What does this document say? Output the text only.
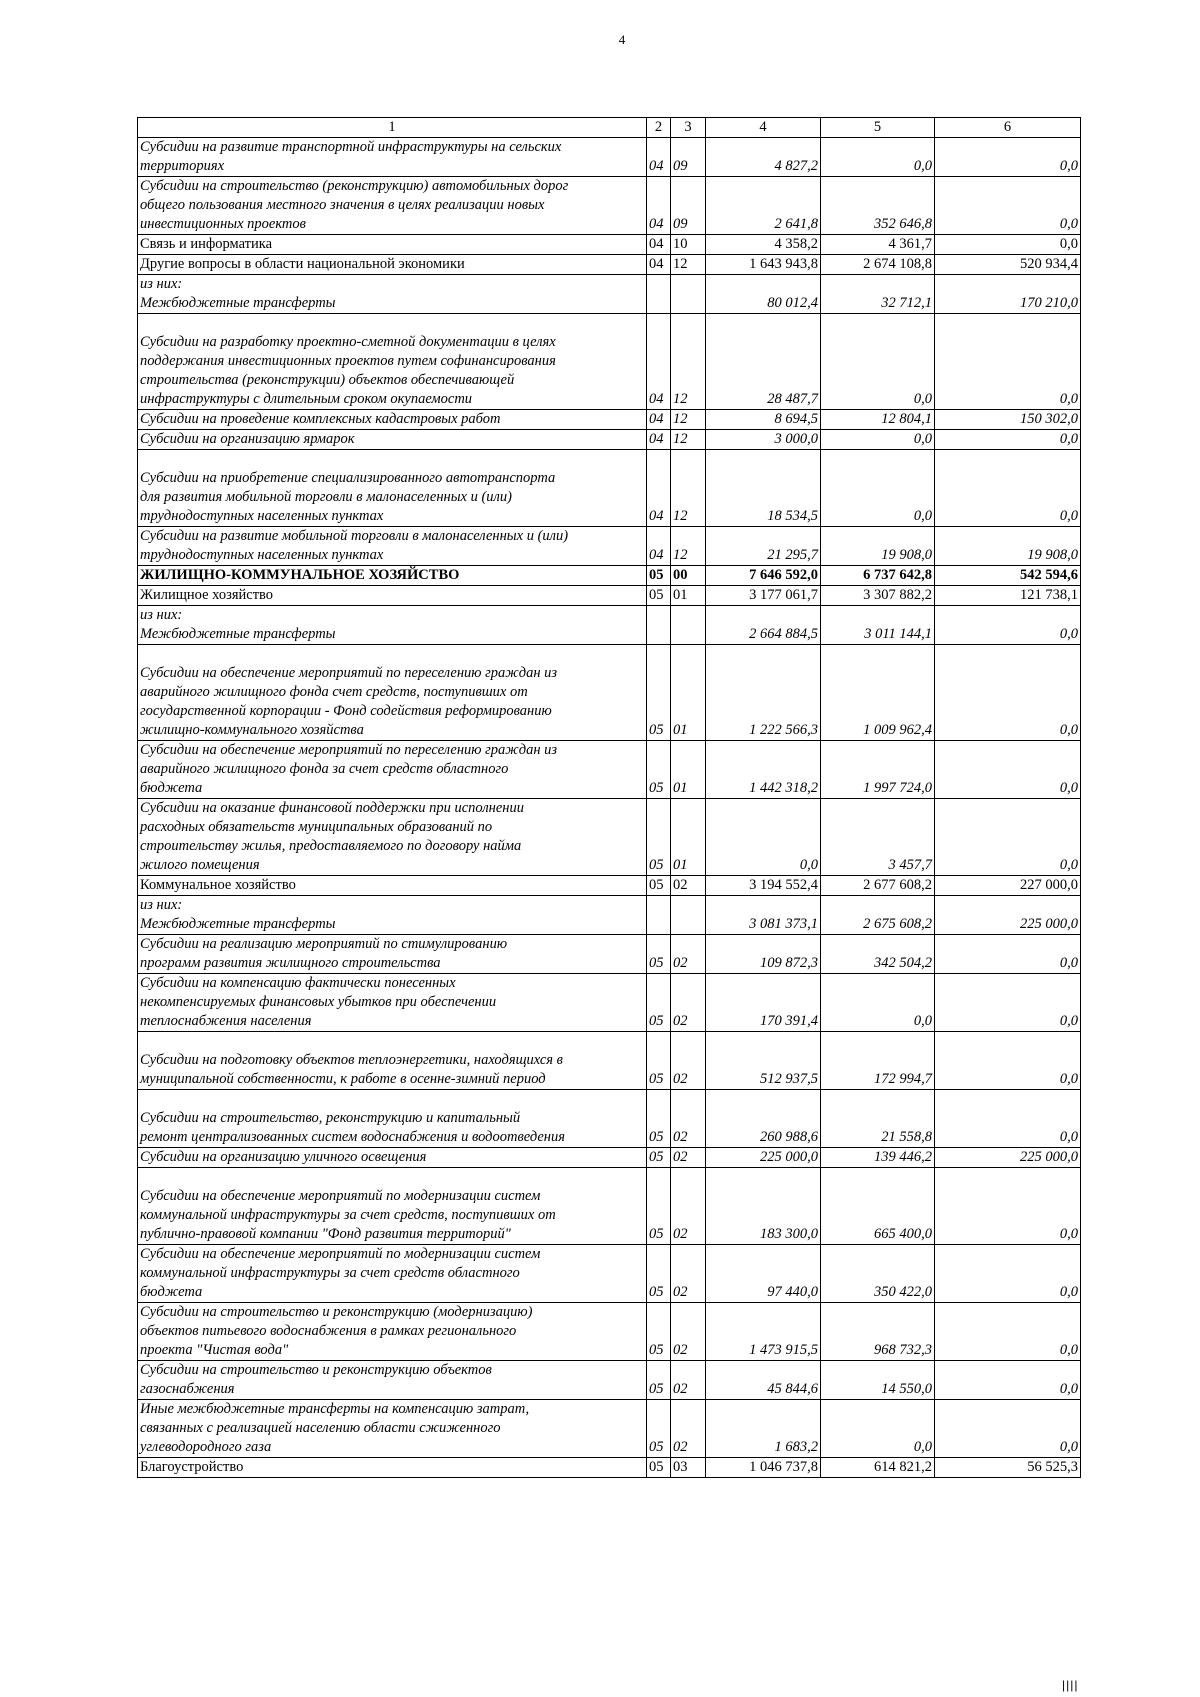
4
1	2	3	4	5	6
Субсидии на развитие транспортной инфраструктуры на сельских
территориях	04	09	4 827,2	0,0	0,0
Субсидии на строительство (реконструкцию) автомобильных дорог
общего пользования местного значения в целях реализации новых
инвестиционных проектов	04	09	2 641,8	352 646,8	0,0
Связь и информатика	04	10	4 358,2	4 361,7	0,0
Другие вопросы в области национальной экономики	04	12	1 643 943,8	2 674 108,8	520 934,4
из них:
Межбюджетные трансферты			80 012,4	32 712,1	170 210,0

Субсидии на разработку проектно-сметной документации в целях
поддержания инвестиционных проектов путем софинансирования
строительства (реконструкции) объектов обеспечивающей
инфраструктуры с длительным сроком окупаемости	04	12	28 487,7	0,0	0,0
Субсидии на проведение комплексных кадастровых работ	04	12	8 694,5	12 804,1	150 302,0
Субсидии на организацию ярмарок	04	12	3 000,0	0,0	0,0

Субсидии на приобретение специализированного автотранспорта
для развития мобильной торговли в малонаселенных и (или)
труднодоступных населенных пунктах	04	12	18 534,5	0,0	0,0
Субсидии на развитие мобильной торговли в малонаселенных и (или)
труднодоступных населенных пунктах	04	12	21 295,7	19 908,0	19 908,0
ЖИЛИЩНО-КОММУНАЛЬНОЕ ХОЗЯЙСТВО	05	00	7 646 592,0	6 737 642,8	542 594,6
Жилищное хозяйство	05	01	3 177 061,7	3 307 882,2	121 738,1
из них:
Межбюджетные трансферты			2 664 884,5	3 011 144,1	0,0

Субсидии на обеспечение мероприятий по переселению граждан из
аварийного жилищного фонда счет средств, поступивших от
государственной корпорации - Фонд содействия реформированию
жилищно-коммунального хозяйства	05	01	1 222 566,3	1 009 962,4	0,0
Субсидии на обеспечение мероприятий по переселению граждан из
аварийного жилищного фонда за счет средств областного
бюджета	05	01	1 442 318,2	1 997 724,0	0,0
Субсидии на оказание финансовой поддержки при исполнении
расходных обязательств муниципальных образований по
строительству жилья, предоставляемого по договору найма
жилого помещения	05	01	0,0	3 457,7	0,0
Коммунальное хозяйство	05	02	3 194 552,4	2 677 608,2	227 000,0
из них:
Межбюджетные трансферты			3 081 373,1	2 675 608,2	225 000,0
Субсидии на реализацию мероприятий по стимулированию
программ развития жилищного строительства	05	02	109 872,3	342 504,2	0,0
Субсидии на компенсацию фактически понесенных
некомпенсируемых финансовых убытков при обеспечении
теплоснабжения населения	05	02	170 391,4	0,0	0,0

Субсидии на подготовку объектов теплоэнергетики, находящихся в
муниципальной собственности, к работе в осенне-зимний период	05	02	512 937,5	172 994,7	0,0

Субсидии на строительство, реконструкцию и капитальный
ремонт централизованных систем водоснабжения и водоотведения	05	02	260 988,6	21 558,8	0,0
Субсидии на организацию уличного освещения	05	02	225 000,0	139 446,2	225 000,0

Субсидии на обеспечение мероприятий по модернизации систем
коммунальной инфраструктуры за счет средств, поступивших от
публично-правовой компании "Фонд развития территорий"	05	02	183 300,0	665 400,0	0,0
Субсидии на обеспечение мероприятий по модернизации систем
коммунальной инфраструктуры за счет средств областного
бюджета	05	02	97 440,0	350 422,0	0,0
Субсидии на строительство и реконструкцию (модернизацию)
объектов питьевого водоснабжения в рамках регионального
проекта "Чистая вода"	05	02	1 473 915,5	968 732,3	0,0
Субсидии на строительство и реконструкцию объектов
газоснабжения	05	02	45 844,6	14 550,0	0,0
Иные межбюджетные трансферты на компенсацию затрат,
связанных с реализацией населению области сжиженного
углеводородного газа	05	02	1 683,2	0,0	0,0
Благоустройство	05	03	1 046 737,8	614 821,2	56 525,3
||||
